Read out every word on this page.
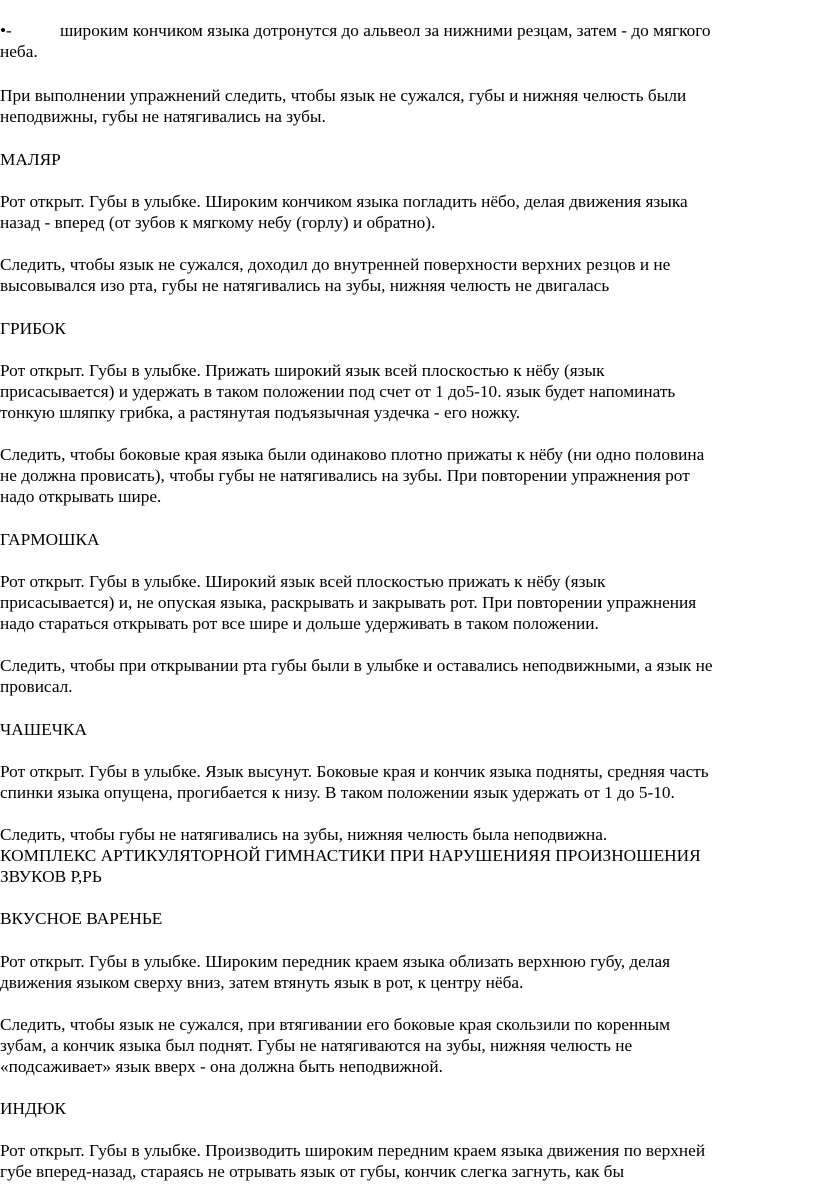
•-	широким кончиком языка дотронутся до альвеол за нижними резцам, затем - до мягкого
неба.
При выполнении упражнений следить, чтобы язык не сужался, губы и нижняя челюсть были
неподвижны, губы не натягивались на зубы.
МАЛЯР
Рот открыт. Губы в улыбке. Широким кончиком языка погладить нёбо, делая движения языка
назад - вперед (от зубов к мягкому небу (горлу) и обратно).
Следить, чтобы язык не сужался, доходил до внутренней поверхности верхних резцов и не
высовывался изо рта, губы не натягивались на зубы, нижняя челюсть не двигалась
ГРИБОК
Рот открыт. Губы в улыбке. Прижать широкий язык всей плоскостью к нёбу (язык
присасывается) и удержать в таком положении под счет от 1 до5-10. язык будет напоминать
тонкую шляпку грибка, а растянутая подъязычная уздечка - его ножку.
Следить, чтобы боковые края языка были одинаково плотно прижаты к нёбу (ни одно половина
не должна провисать), чтобы губы не натягивались на зубы. При повторении упражнения рот
надо открывать шире.
ГАРМОШКА
Рот открыт. Губы в улыбке. Широкий язык всей плоскостью прижать к нёбу (язык
присасывается) и, не опуская языка, раскрывать и закрывать рот. При повторении упражнения
надо стараться открывать рот все шире и дольше удерживать в таком положении.
Следить, чтобы при открывании рта губы были в улыбке и оставались неподвижными, а язык не
провисал.
ЧАШЕЧКА
Рот открыт. Губы в улыбке. Язык высунут. Боковые края и кончик языка подняты, средняя часть
спинки языка опущена, прогибается к низу. В таком положении язык удержать от 1 до 5-10.
Следить, чтобы губы не натягивались на зубы, нижняя челюсть была неподвижна.
КОМПЛЕКС АРТИКУЛЯТОРНОЙ ГИМНАСТИКИ ПРИ НАРУШЕНИЯЯ ПРОИЗНОШЕНИЯ
ЗВУКОВ Р,РЬ
ВКУСНОЕ ВАРЕНЬЕ
Рот открыт. Губы в улыбке. Широким передник краем языка облизать верхнюю губу, делая
движения языком сверху вниз, затем втянуть язык в рот, к центру нёба.
Следить, чтобы язык не сужался, при втягивании его боковые края скользили по коренным
зубам, а кончик языка был поднят. Губы не натягиваются на зубы, нижняя челюсть не
«подсаживает» язык вверх - она должна быть неподвижной.
ИНДЮК
Рот открыт. Губы в улыбке. Производить широким передним краем языка движения по верхней
губе вперед-назад, стараясь не отрывать язык от губы, кончик слегка загнуть, как бы
